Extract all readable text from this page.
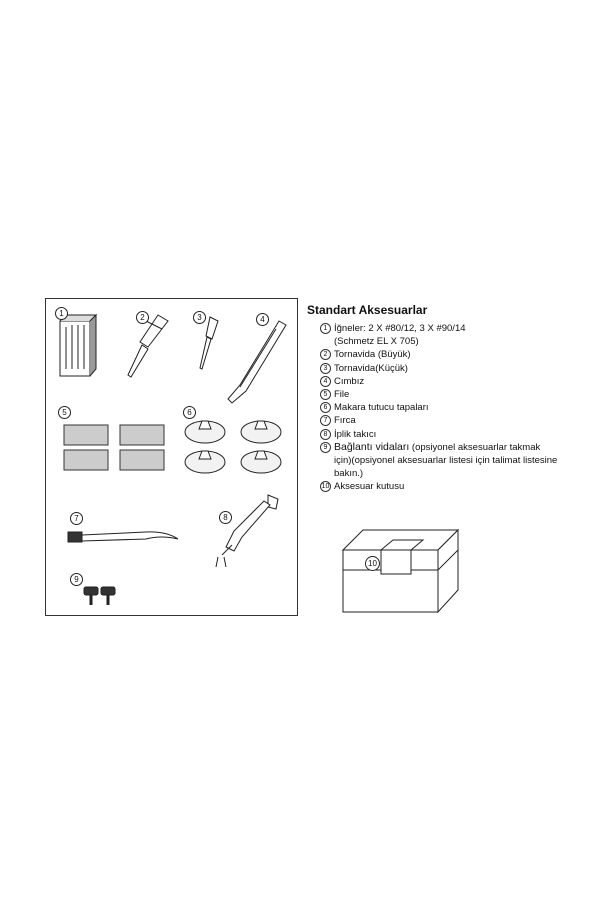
1	2	3	4
5	6
7	8
9
Standart Aksesuarlar
1 İğneler: 2 X #80/12, 3 X #90/14
(Schmetz EL X 705)
2 Tornavida (Büyük)
3 Tornavida(Küçük)
4 Cımbız
5 File
6 Makara tutucu tapaları
7 Fırca
8 İplik takıcı
9 Bağlantı vidaları (opsiyonel aksesuarlar takmak
için)(opsiyonel aksesuarlar listesi için talimat listesine
bakın.)
10 Aksesuar kutusu
10
